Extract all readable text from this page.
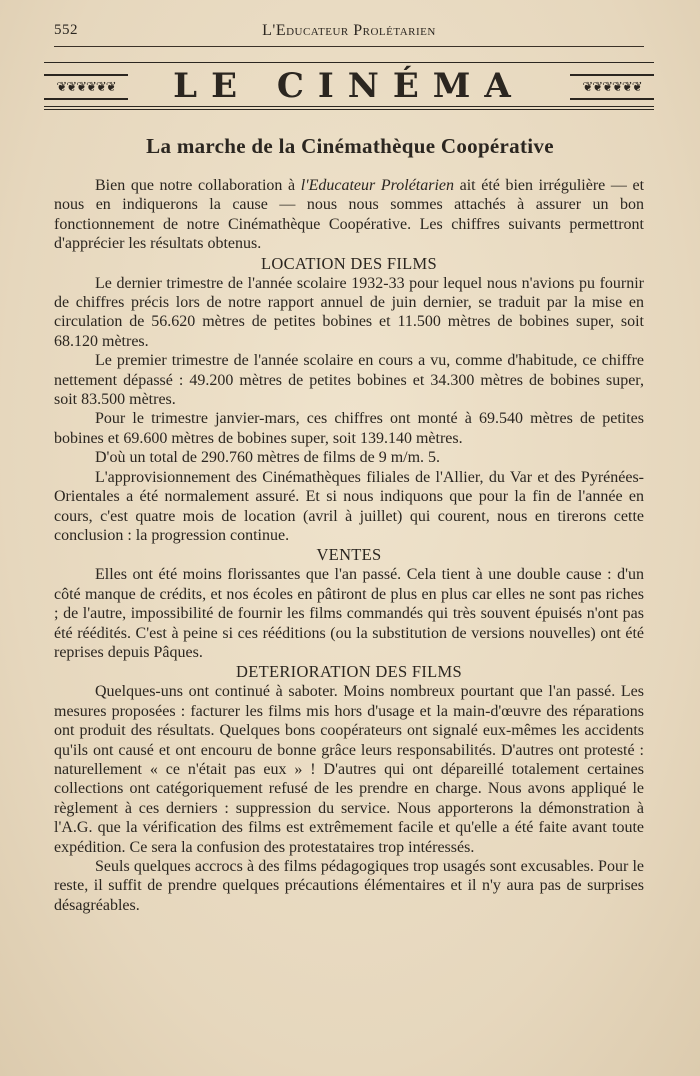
552	L'Educateur Prolétarien
❦❦❦❦❦❦	LE CINÉMA	❦❦❦❦❦❦
La marche de la Cinémathèque Coopérative

Bien que notre collaboration à l'Educateur Prolétarien ait été bien irrégulière — et nous en indiquerons la cause — nous nous sommes attachés à assurer un bon fonctionnement de notre Cinémathèque Coopérative. Les chiffres suivants permettront d'apprécier les résultats obtenus.

LOCATION DES FILMS

Le dernier trimestre de l'année scolaire 1932-33 pour lequel nous n'avions pu fournir de chiffres précis lors de notre rapport annuel de juin dernier, se traduit par la mise en circulation de 56.620 mètres de petites bobines et 11.500 mètres de bobines super, soit 68.120 mètres.

Le premier trimestre de l'année scolaire en cours a vu, comme d'habitude, ce chiffre nettement dépassé : 49.200 mètres de petites bobines et 34.300 mètres de bobines super, soit 83.500 mètres.

Pour le trimestre janvier-mars, ces chiffres ont monté à 69.540 mètres de petites bobines et 69.600 mètres de bobines super, soit 139.140 mètres.

D'où un total de 290.760 mètres de films de 9 m/m. 5.

L'approvisionnement des Cinémathèques filiales de l'Allier, du Var et des Pyrénées-Orientales a été normalement assuré. Et si nous indiquons que pour la fin de l'année en cours, c'est quatre mois de location (avril à juillet) qui courent, nous en tirerons cette conclusion : la progression continue.

VENTES

Elles ont été moins florissantes que l'an passé. Cela tient à une double cause : d'un côté manque de crédits, et nos écoles en pâtiront de plus en plus car elles ne sont pas riches ; de l'autre, impossibilité de fournir les films commandés qui très souvent épuisés n'ont pas été réédités. C'est à peine si ces rééditions (ou la substitution de versions nouvelles) ont été reprises depuis Pâques.

DETERIORATION DES FILMS

Quelques-uns ont continué à saboter. Moins nombreux pourtant que l'an passé. Les mesures proposées : facturer les films mis hors d'usage et la main-d'œuvre des réparations ont produit des résultats. Quelques bons coopérateurs ont signalé eux-mêmes les accidents qu'ils ont causé et ont encouru de bonne grâce leurs responsabilités. D'autres ont protesté : naturellement « ce n'était pas eux » ! D'autres qui ont dépareillé totalement certaines collections ont catégoriquement refusé de les prendre en charge. Nous avons appliqué le règlement à ces derniers : suppression du service. Nous apporterons la démonstration à l'A.G. que la vérification des films est extrêmement facile et qu'elle a été faite avant toute expédition. Ce sera la confusion des protestataires trop intéressés.

Seuls quelques accrocs à des films pédagogiques trop usagés sont excusables. Pour le reste, il suffit de prendre quelques précautions élémentaires et il n'y aura pas de surprises désagréables.
